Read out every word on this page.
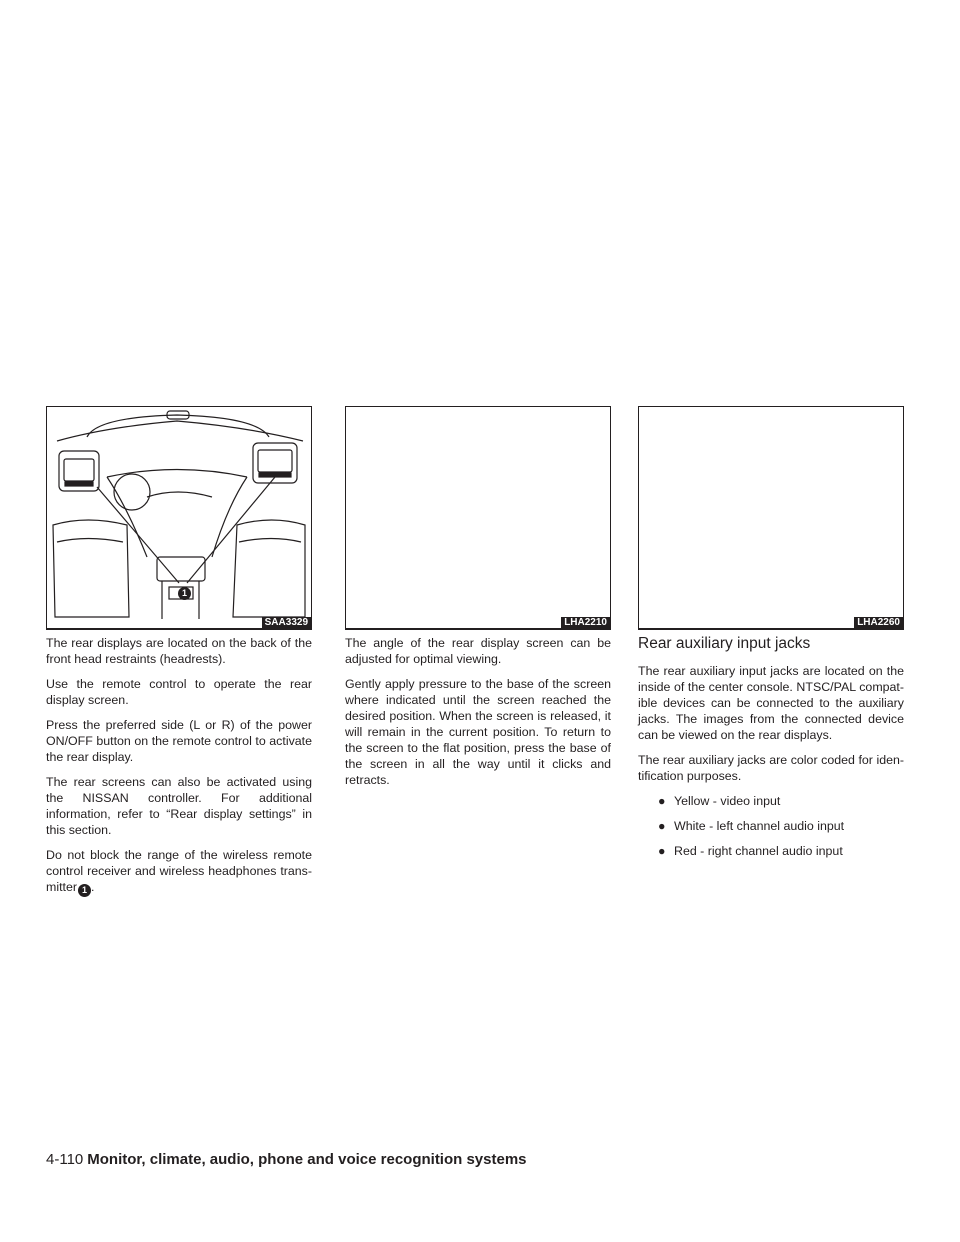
1
SAA3329

The rear displays are located on the back of the front head restraints (headrests).

Use the remote control to operate the rear display screen.

Press the preferred side (L or R) of the power ON/OFF button on the remote control to activate the rear display.

The rear screens can also be activated using the NISSAN controller. For additional information, refer to “Rear display settings” in this section.

Do not block the range of the wireless remote control receiver and wireless headphones trans-mitter 1 .

LHA2210

The angle of the rear display screen can be adjusted for optimal viewing.

Gently apply pressure to the base of the screen where indicated until the screen reached the desired position. When the screen is released, it will remain in the current position. To return to the screen to the flat position, press the base of the screen in all the way until it clicks and retracts.

LHA2260
Rear auxiliary input jacks

The rear auxiliary input jacks are located on the inside of the center console. NTSC/PAL compat-ible devices can be connected to the auxiliary jacks. The images from the connected device can be viewed on the rear displays.

The rear auxiliary jacks are color coded for iden-tification purposes.

● Yellow - video input
● White - left channel audio input
● Red - right channel audio input
4-110 Monitor, climate, audio, phone and voice recognition systems
